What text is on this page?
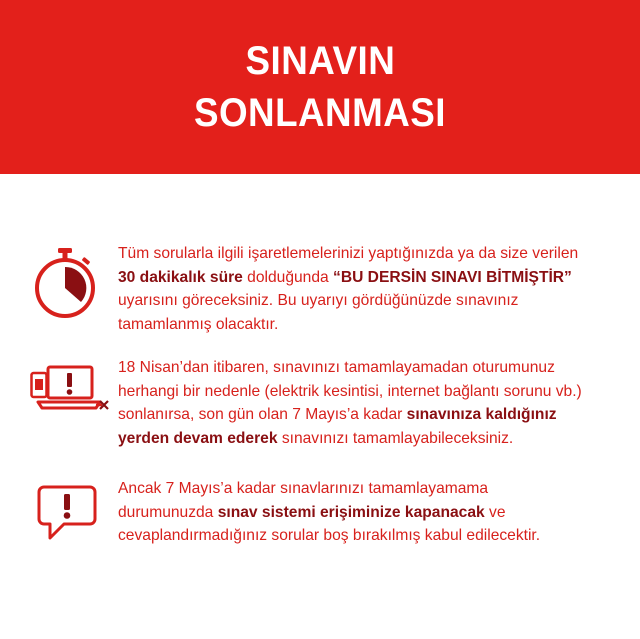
SINAVIN
SONLANMASI
Tüm sorularla ilgili işaretlemelerinizi yaptığınızda ya da size verilen
30 dakikalık süre dolduğunda “BU DERSİN SINAVI BİTMİŞTİR”
uyarısını göreceksiniz. Bu uyarıyı gördüğünüzde sınavınız
tamamlanmış olacaktır.
18 Nisan’dan itibaren, sınavınızı tamamlayamadan oturumunuz
herhangi bir nedenle (elektrik kesintisi, internet bağlantı sorunu vb.)
sonlanırsa, son gün olan 7 Mayıs’a kadar sınavınıza kaldığınız
yerden devam ederek sınavınızı tamamlayabileceksiniz.
Ancak 7 Mayıs’a kadar sınavlarınızı tamamlayamama
durumunuzda sınav sistemi erişiminize kapanacak ve
cevaplandırmadığınız sorular boş bırakılmış kabul edilecektir.
